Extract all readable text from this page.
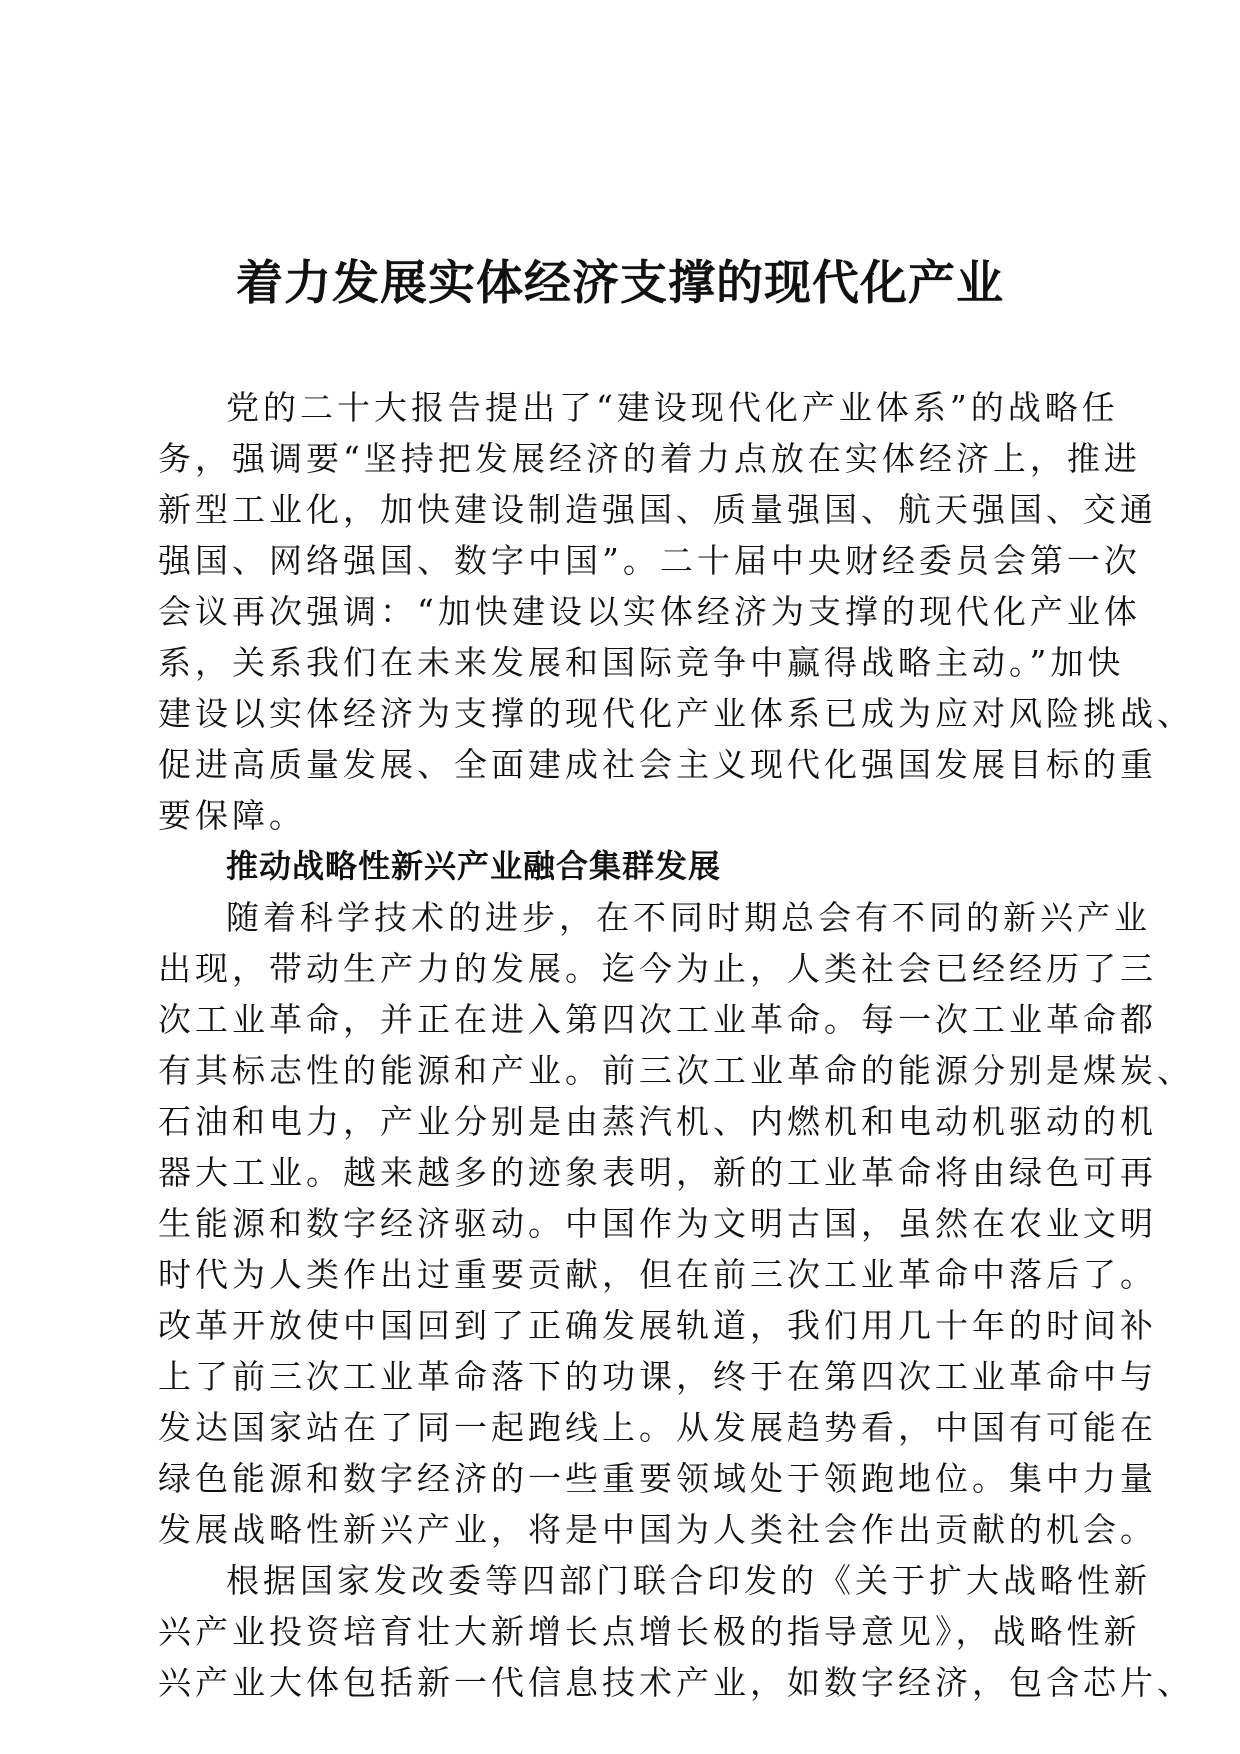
着力发展实体经济支撑的现代化产业

党的二十大报告提出了“建设现代化产业体系”的战略任

务，强调要“坚持把发展经济的着力点放在实体经济上，推进

新型工业化，加快建设制造强国、质量强国、航天强国、交通

强国、网络强国、数字中国”。二十届中央财经委员会第一次

会议再次强调：“加快建设以实体经济为支撑的现代化产业体

系，关系我们在未来发展和国际竞争中赢得战略主动。”加快

建设以实体经济为支撑的现代化产业体系已成为应对风险挑战、

促进高质量发展、全面建成社会主义现代化强国发展目标的重

要保障。

推动战略性新兴产业融合集群发展

随着科学技术的进步，在不同时期总会有不同的新兴产业

出现，带动生产力的发展。迄今为止，人类社会已经经历了三

次工业革命，并正在进入第四次工业革命。每一次工业革命都

有其标志性的能源和产业。前三次工业革命的能源分别是煤炭、

石油和电力，产业分别是由蒸汽机、内燃机和电动机驱动的机

器大工业。越来越多的迹象表明，新的工业革命将由绿色可再

生能源和数字经济驱动。中国作为文明古国，虽然在农业文明

时代为人类作出过重要贡献，但在前三次工业革命中落后了。

改革开放使中国回到了正确发展轨道，我们用几十年的时间补

上了前三次工业革命落下的功课，终于在第四次工业革命中与

发达国家站在了同一起跑线上。从发展趋势看，中国有可能在

绿色能源和数字经济的一些重要领域处于领跑地位。集中力量

发展战略性新兴产业，将是中国为人类社会作出贡献的机会。

根据国家发改委等四部门联合印发的《关于扩大战略性新

兴产业投资培育壮大新增长点增长极的指导意见》，战略性新

兴产业大体包括新一代信息技术产业，如数字经济，包含芯片、
